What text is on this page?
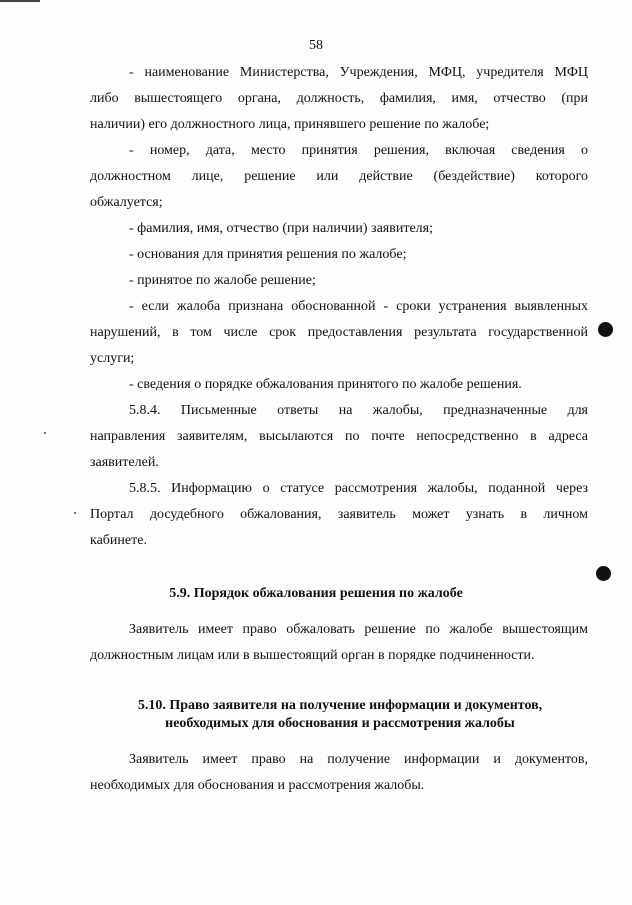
58
- наименование Министерства, Учреждения, МФЦ, учредителя МФЦ
либо вышестоящего органа, должность, фамилия, имя, отчество (при
наличии) его должностного лица, принявшего решение по жалобе;
- номер, дата, место принятия решения, включая сведения о
должностном лице, решение или действие (бездействие) которого
обжалуется;
- фамилия, имя, отчество (при наличии) заявителя;
- основания для принятия решения по жалобе;
- принятое по жалобе решение;
- если жалоба признана обоснованной - сроки устранения выявленных
нарушений, в том числе срок предоставления результата государственной
услуги;
- сведения о порядке обжалования принятого по жалобе решения.
5.8.4. Письменные ответы на жалобы, предназначенные для
направления заявителям, высылаются по почте непосредственно в адреса
заявителей.
5.8.5. Информацию о статусе рассмотрения жалобы, поданной через
Портал досудебного обжалования, заявитель может узнать в личном
кабинете.
5.9. Порядок обжалования решения по жалобе
Заявитель имеет право обжаловать решение по жалобе вышестоящим
должностным лицам или в вышестоящий орган в порядке подчиненности.
5.10. Право заявителя на получение информации и документов,
необходимых для обоснования и рассмотрения жалобы
Заявитель имеет право на получение информации и документов,
необходимых для обоснования и рассмотрения жалобы.
